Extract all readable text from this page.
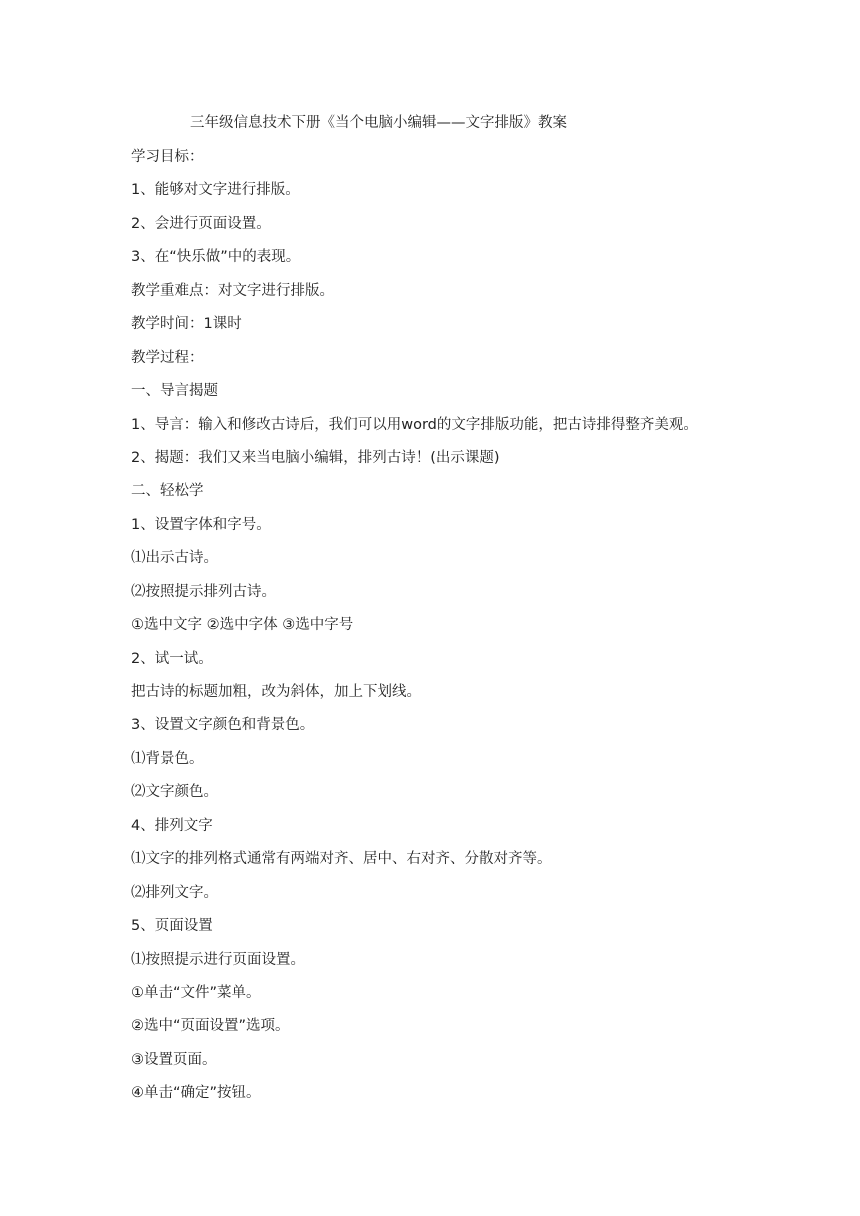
三年级信息技术下册《当个电脑小编辑——文字排版》教案
学习目标：
1、能够对文字进行排版。
2、会进行页面设置。
3、在“快乐做”中的表现。
教学重难点：对文字进行排版。
教学时间：1课时
教学过程：
一、导言揭题
1、导言：输入和修改古诗后，我们可以用word的文字排版功能，把古诗排得整齐美观。
2、揭题：我们又来当电脑小编辑，排列古诗！(出示课题)
二、轻松学
1、设置字体和字号。
⑴出示古诗。
⑵按照提示排列古诗。
①选中文字 ②选中字体 ③选中字号
2、试一试。
把古诗的标题加粗，改为斜体，加上下划线。
3、设置文字颜色和背景色。
⑴背景色。
⑵文字颜色。
4、排列文字
⑴文字的排列格式通常有两端对齐、居中、右对齐、分散对齐等。
⑵排列文字。
5、页面设置
⑴按照提示进行页面设置。
①单击“文件”菜单。
②选中“页面设置”选项。
③设置页面。
④单击“确定”按钮。
